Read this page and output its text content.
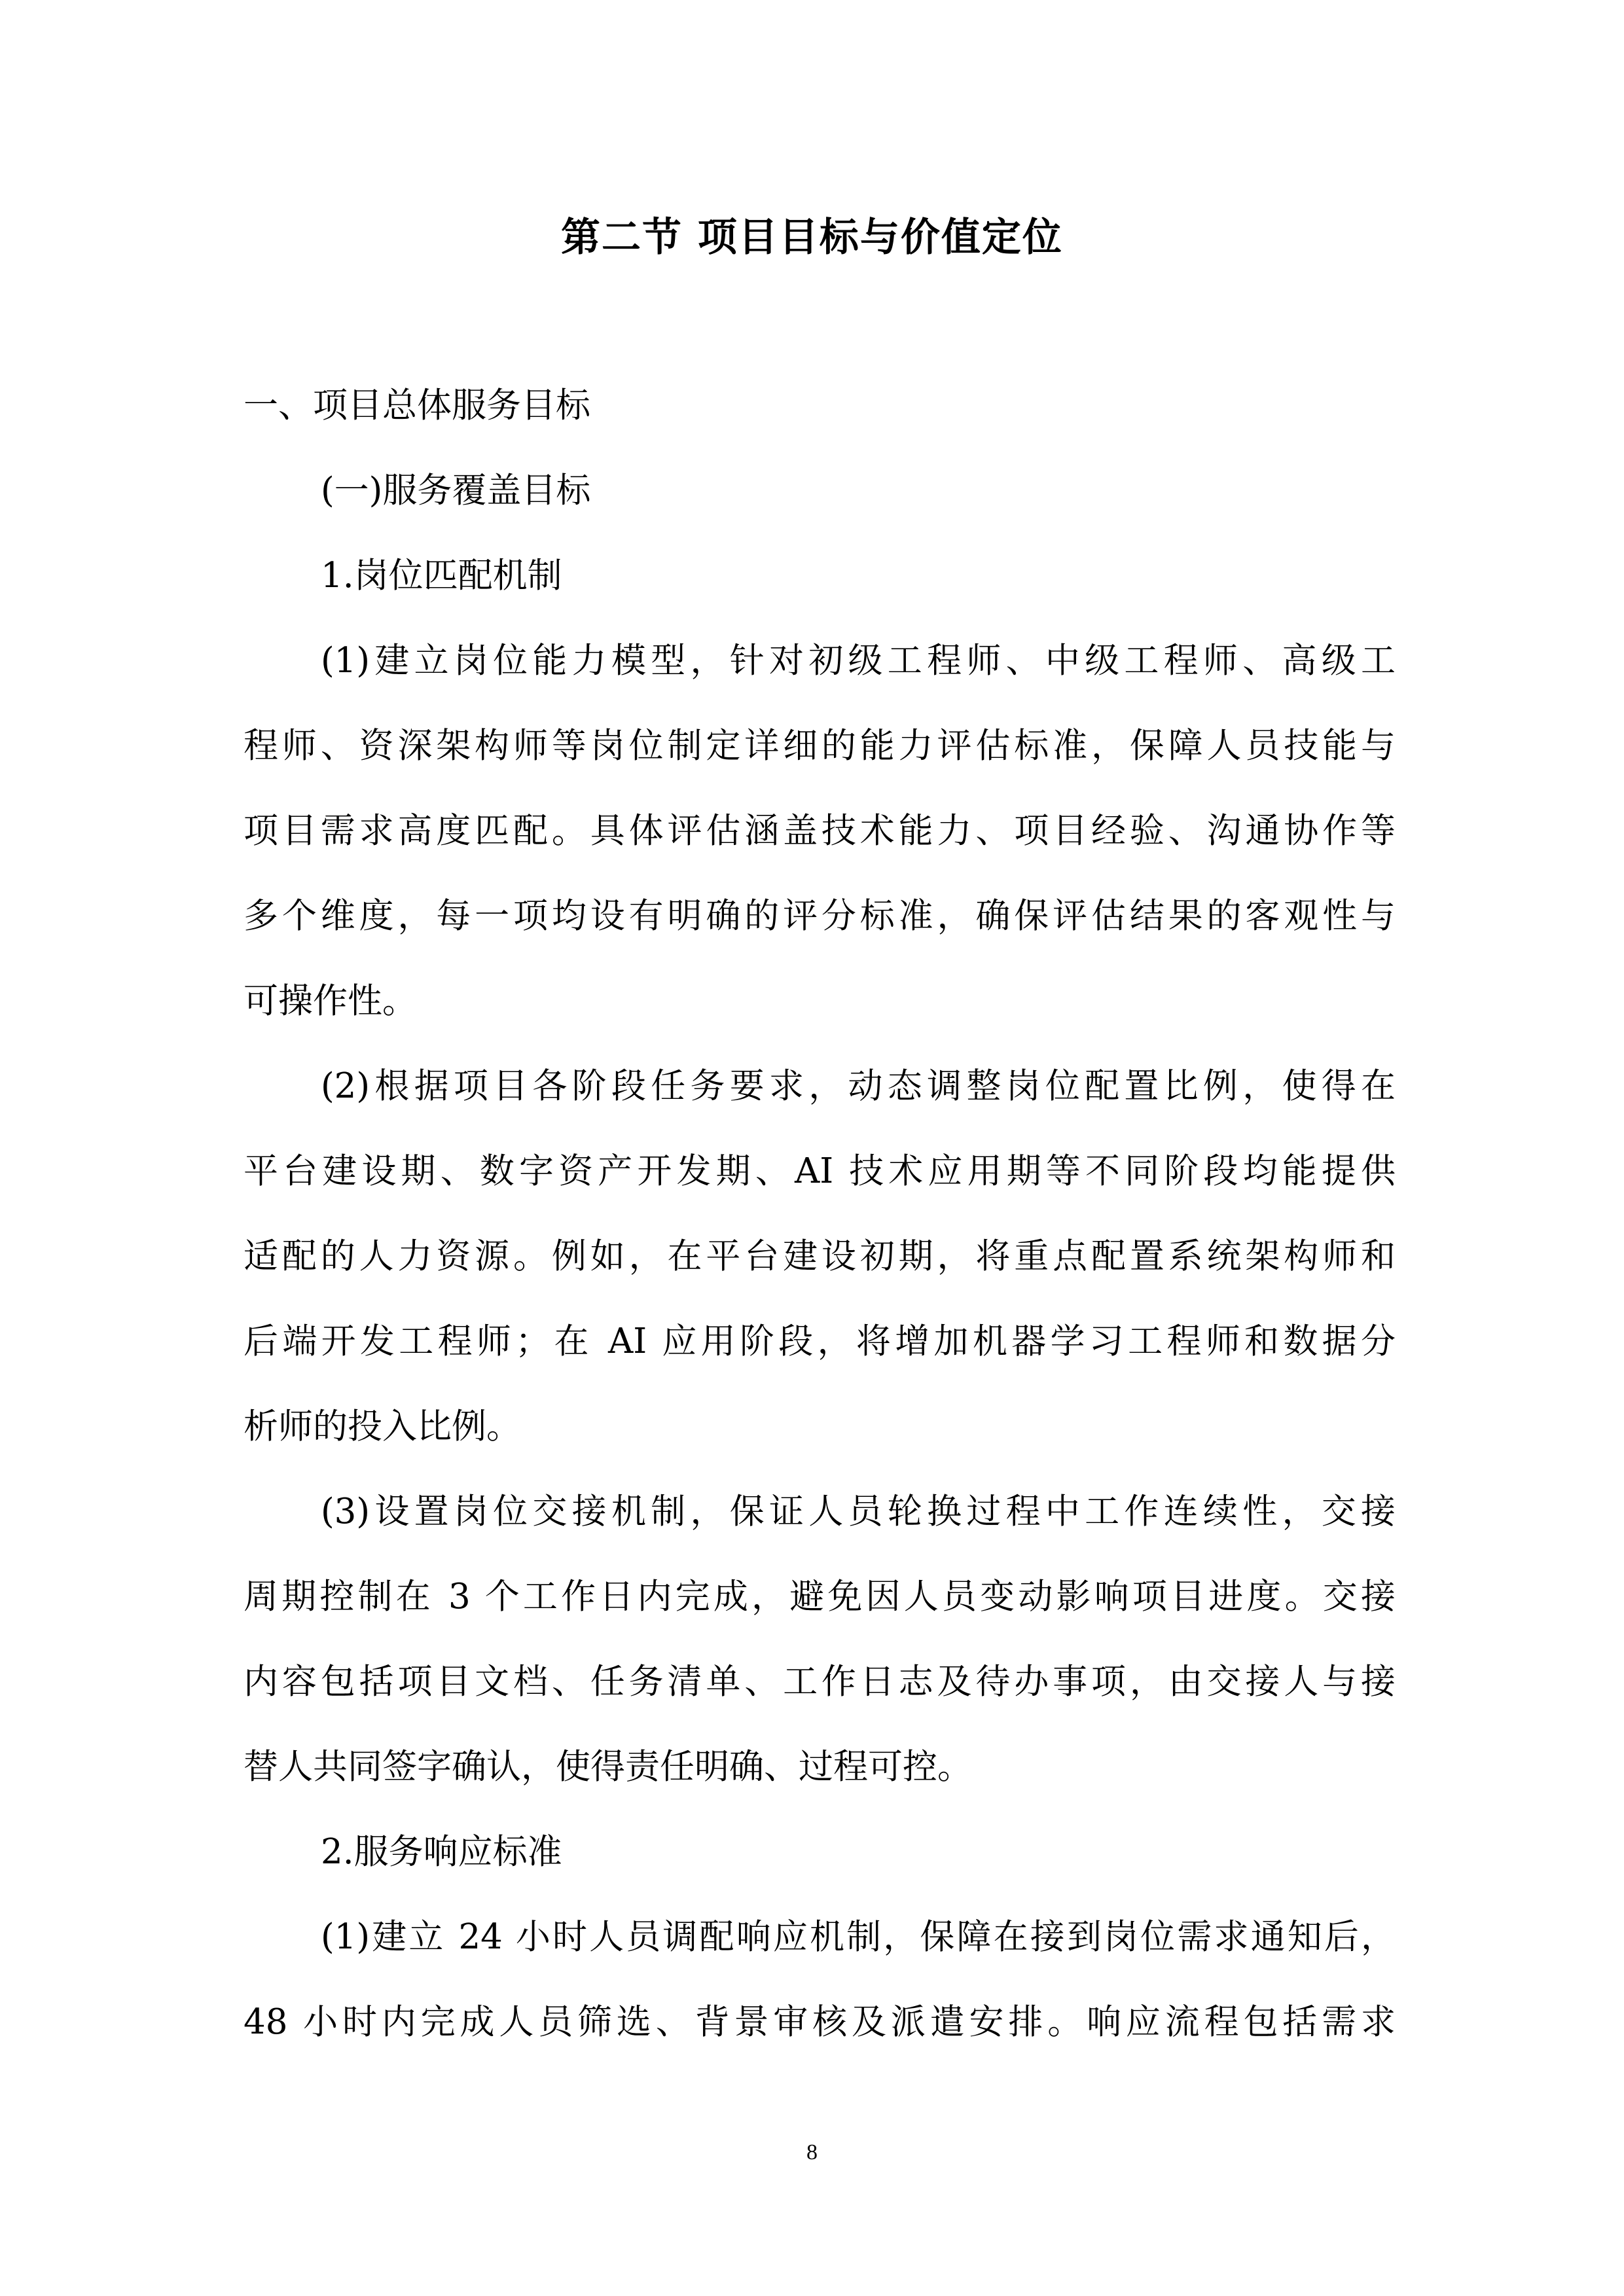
第二节 项目目标与价值定位
一、项目总体服务目标
(一)服务覆盖目标
1.岗位匹配机制
(1)建立岗位能力模型，针对初级工程师、中级工程师、高级工
程师、资深架构师等岗位制定详细的能力评估标准，保障人员技能与
项目需求高度匹配。具体评估涵盖技术能力、项目经验、沟通协作等
多个维度，每一项均设有明确的评分标准，确保评估结果的客观性与
可操作性。
(2)根据项目各阶段任务要求，动态调整岗位配置比例，使得在
平台建设期、数字资产开发期、AI 技术应用期等不同阶段均能提供
适配的人力资源。例如，在平台建设初期，将重点配置系统架构师和
后端开发工程师；在 AI 应用阶段，将增加机器学习工程师和数据分
析师的投入比例。
(3)设置岗位交接机制，保证人员轮换过程中工作连续性，交接
周期控制在 3 个工作日内完成，避免因人员变动影响项目进度。交接
内容包括项目文档、任务清单、工作日志及待办事项，由交接人与接
替人共同签字确认，使得责任明确、过程可控。
2.服务响应标准
(1)建立 24 小时人员调配响应机制，保障在接到岗位需求通知后，
48 小时内完成人员筛选、背景审核及派遣安排。响应流程包括需求
8
